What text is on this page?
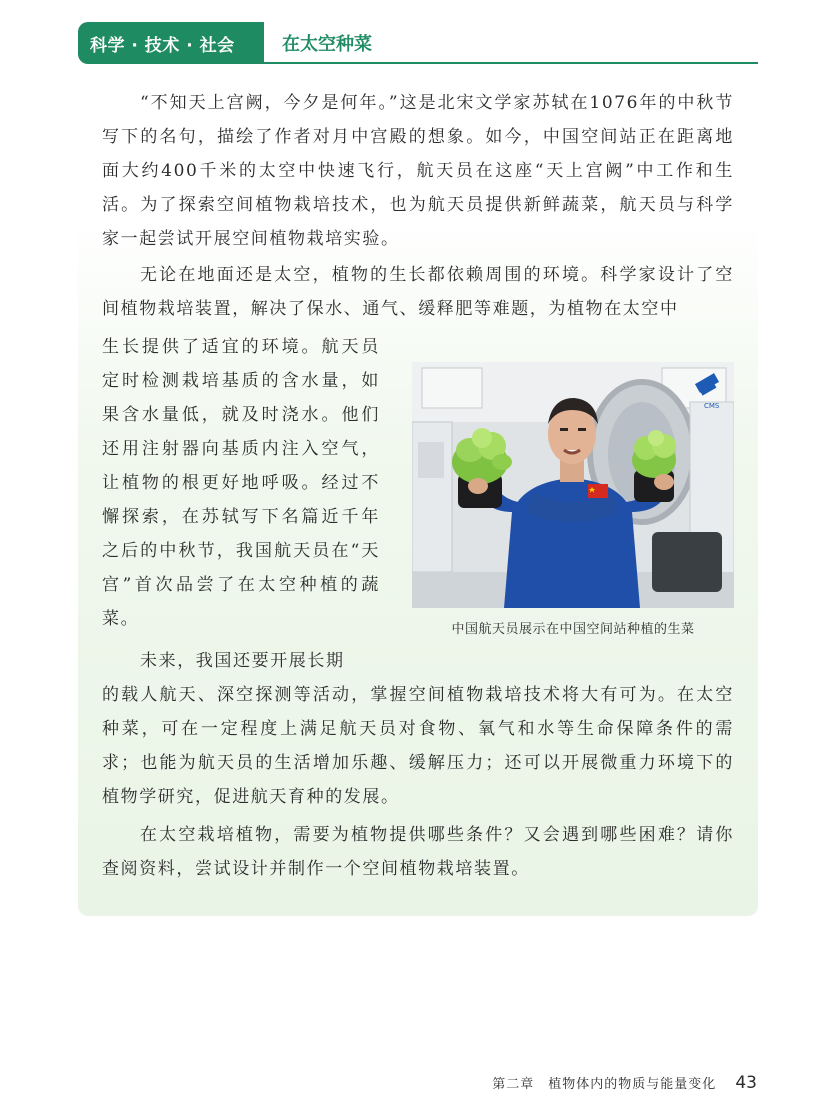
科学 · 技术 · 社会	在太空种菜
“不知天上宫阙，今夕是何年。”这是北宋文学家苏轼在1076年的中秋节写下的名句，描绘了作者对月中宫殿的想象。如今，中国空间站正在距离地面大约400千米的太空中快速飞行，航天员在这座“天上宫阙”中工作和生活。为了探索空间植物栽培技术，也为航天员提供新鲜蔬菜，航天员与科学家一起尝试开展空间植物栽培实验。
无论在地面还是太空，植物的生长都依赖周围的环境。科学家设计了空间植物栽培装置，解决了保水、通气、缓释肥等难题，为植物在太空中
生长提供了适宜的环境。航天员定时检测栽培基质的含水量，如果含水量低，就及时浇水。他们还用注射器向基质内注入空气，让植物的根更好地呼吸。经过不懈探索，在苏轼写下名篇近千年之后的中秋节，我国航天员在“天宫”首次品尝了在太空种植的蔬菜。
未来，我国还要开展长期
的载人航天、深空探测等活动，掌握空间植物栽培技术将大有可为。在太空种菜，可在一定程度上满足航天员对食物、氧气和水等生命保障条件的需求；也能为航天员的生活增加乐趣、缓解压力；还可以开展微重力环境下的植物学研究，促进航天育种的发展。
在太空栽培植物，需要为植物提供哪些条件？又会遇到哪些困难？请你查阅资料，尝试设计并制作一个空间植物栽培装置。
CMS
中国航天员展示在中国空间站种植的生菜
第二章　植物体内的物质与能量变化 43
